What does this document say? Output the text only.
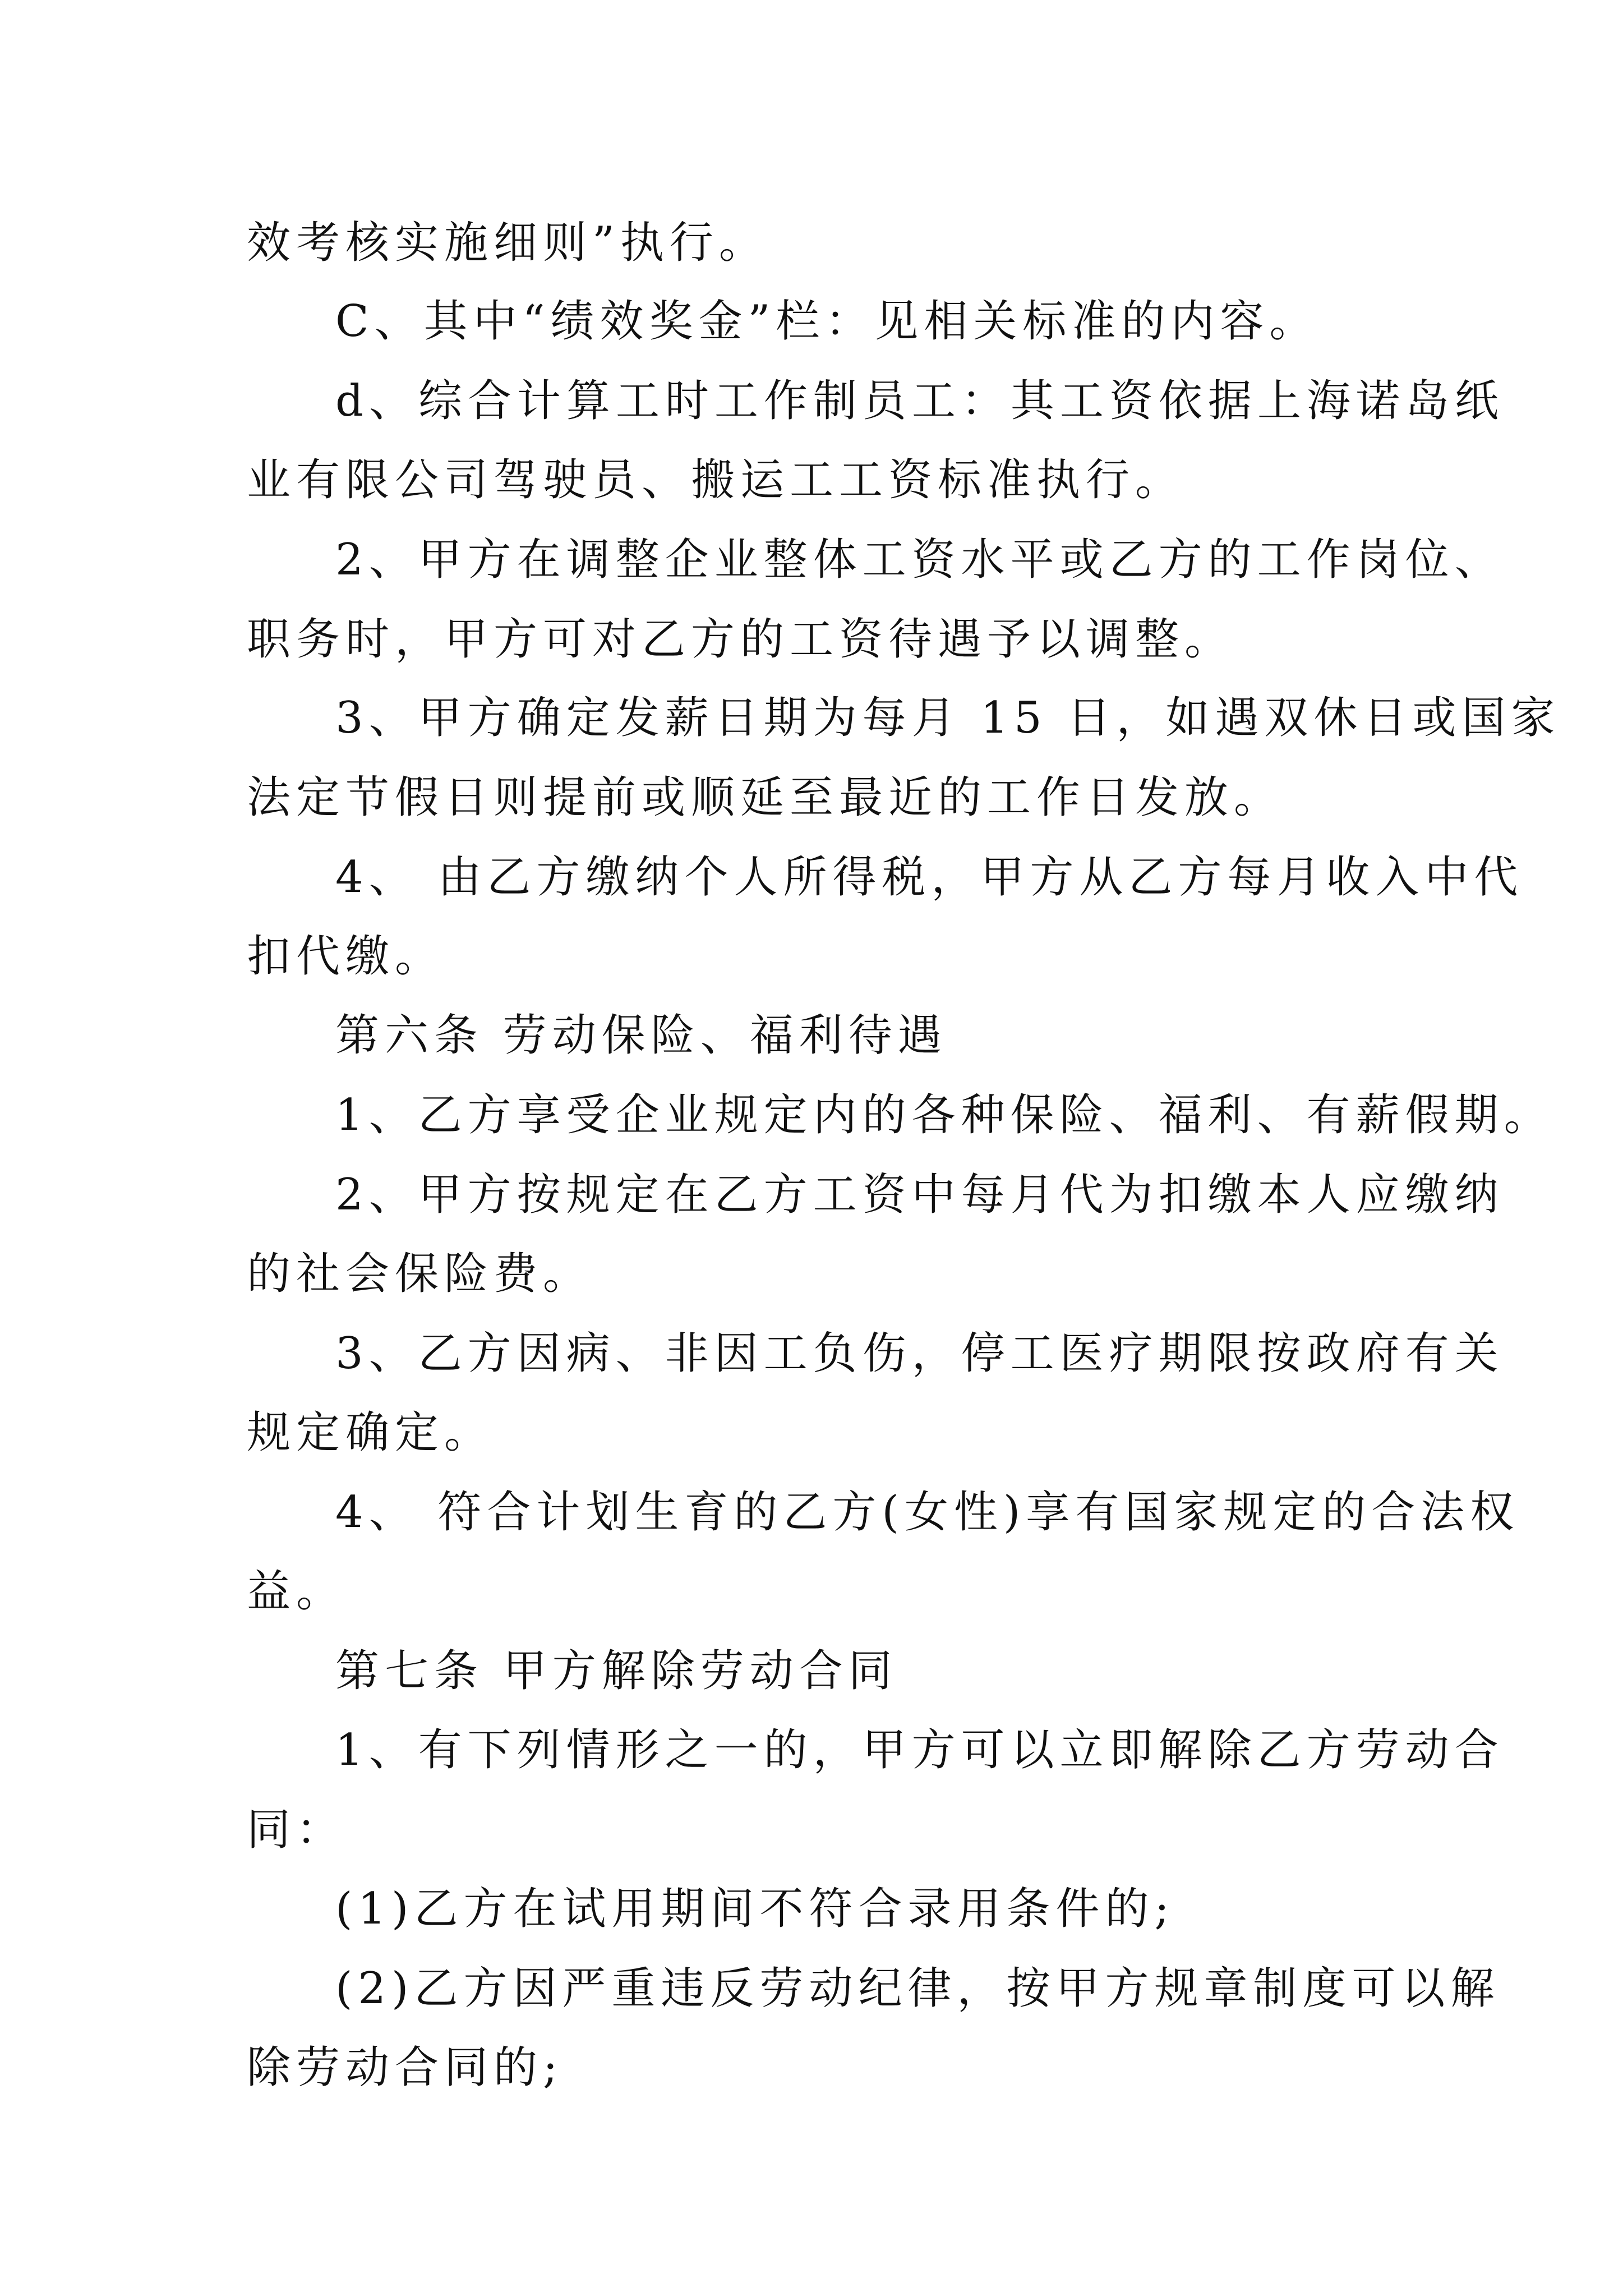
效考核实施细则”执行。
C、其中“绩效奖金”栏：见相关标准的内容。
d、综合计算工时工作制员工：其工资依据上海诺岛纸
业有限公司驾驶员、搬运工工资标准执行。
2、甲方在调整企业整体工资水平或乙方的工作岗位、
职务时，甲方可对乙方的工资待遇予以调整。
3、甲方确定发薪日期为每月 15 日，如遇双休日或国家
法定节假日则提前或顺延至最近的工作日发放。
4、 由乙方缴纳个人所得税，甲方从乙方每月收入中代
扣代缴。
第六条 劳动保险、福利待遇
1、乙方享受企业规定内的各种保险、福利、有薪假期。
2、甲方按规定在乙方工资中每月代为扣缴本人应缴纳
的社会保险费。
3、乙方因病、非因工负伤，停工医疗期限按政府有关
规定确定。
4、 符合计划生育的乙方(女性)享有国家规定的合法权
益。
第七条 甲方解除劳动合同
1、有下列情形之一的，甲方可以立即解除乙方劳动合
同：
(1)乙方在试用期间不符合录用条件的;
(2)乙方因严重违反劳动纪律，按甲方规章制度可以解
除劳动合同的;
